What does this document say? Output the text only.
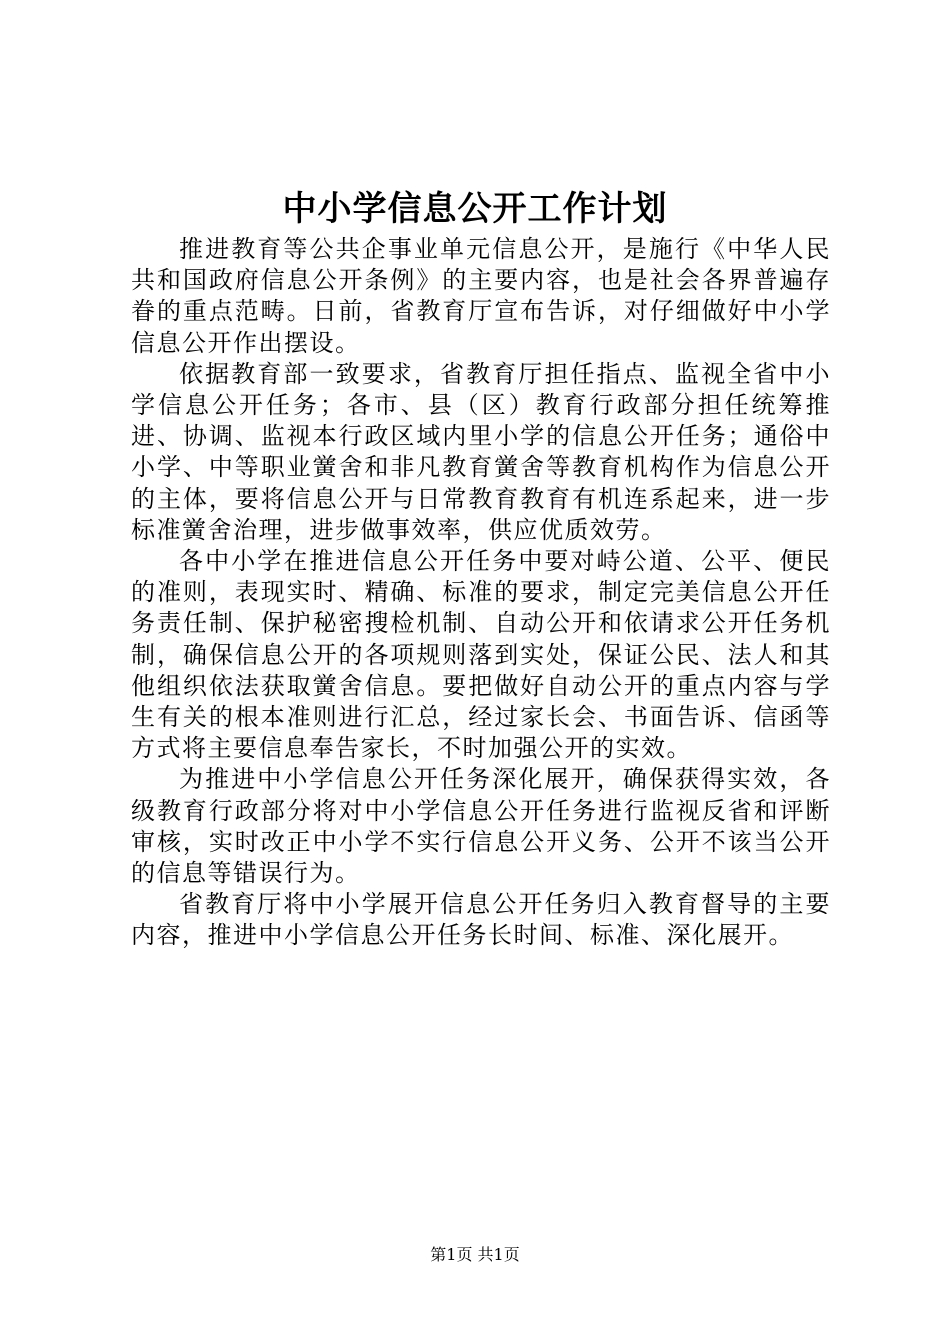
中小学信息公开工作计划

推进教育等公共企事业单元信息公开，是施行《中华人民共和国政府信息公开条例》的主要内容，也是社会各界普遍存眷的重点范畴。日前，省教育厅宣布告诉，对仔细做好中小学信息公开作出摆设。

依据教育部一致要求，省教育厅担任指点、监视全省中小学信息公开任务；各市、县（区）教育行政部分担任统筹推进、协调、监视本行政区域内里小学的信息公开任务；通俗中小学、中等职业黉舍和非凡教育黉舍等教育机构作为信息公开的主体，要将信息公开与日常教育教育有机连系起来，进一步标准黉舍治理，进步做事效率，供应优质效劳。

各中小学在推进信息公开任务中要对峙公道、公平、便民的准则，表现实时、精确、标准的要求，制定完美信息公开任务责任制、保护秘密搜检机制、自动公开和依请求公开任务机制，确保信息公开的各项规则落到实处，保证公民、法人和其他组织依法获取黉舍信息。要把做好自动公开的重点内容与学生有关的根本准则进行汇总，经过家长会、书面告诉、信函等方式将主要信息奉告家长，不时加强公开的实效。

为推进中小学信息公开任务深化展开，确保获得实效，各级教育行政部分将对中小学信息公开任务进行监视反省和评断审核，实时改正中小学不实行信息公开义务、公开不该当公开的信息等错误行为。

省教育厅将中小学展开信息公开任务归入教育督导的主要内容，推进中小学信息公开任务长时间、标准、深化展开。

第1页 共1页
